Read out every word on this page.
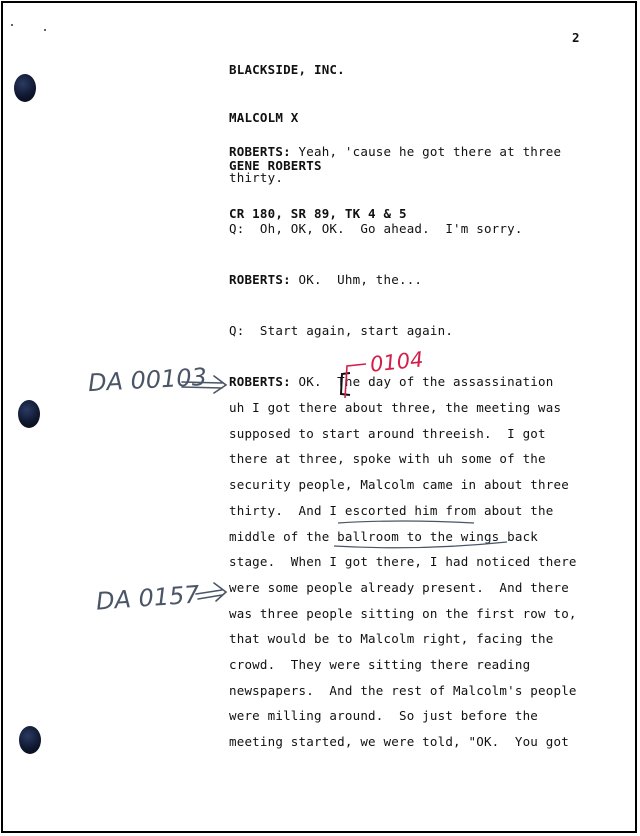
BLACKSIDE, INC.

MALCOLM X

GENE ROBERTS

CR 180, SR 89, TK 4 & 5

2
ROBERTS: Yeah, 'cause he got there at three
thirty.
Q:  Oh, OK, OK.  Go ahead.  I'm sorry.
ROBERTS: OK.  Uhm, the...
Q:  Start again, start again.
ROBERTS: OK.  The day of the assassination
uh I got there about three, the meeting was
supposed to start around threeish.  I got
there at three, spoke with uh some of the
security people, Malcolm came in about three
thirty.  And I escorted him from about the
middle of the ballroom to the wings back
stage.  When I got there, I had noticed there
were some people already present.  And there
was three people sitting on the first row to,
that would be to Malcolm right, facing the
crowd.  They were sitting there reading
newspapers.  And the rest of Malcolm's people
were milling around.  So just before the
meeting started, we were told, "OK.  You got
DA 00103
DA 0157
0104
